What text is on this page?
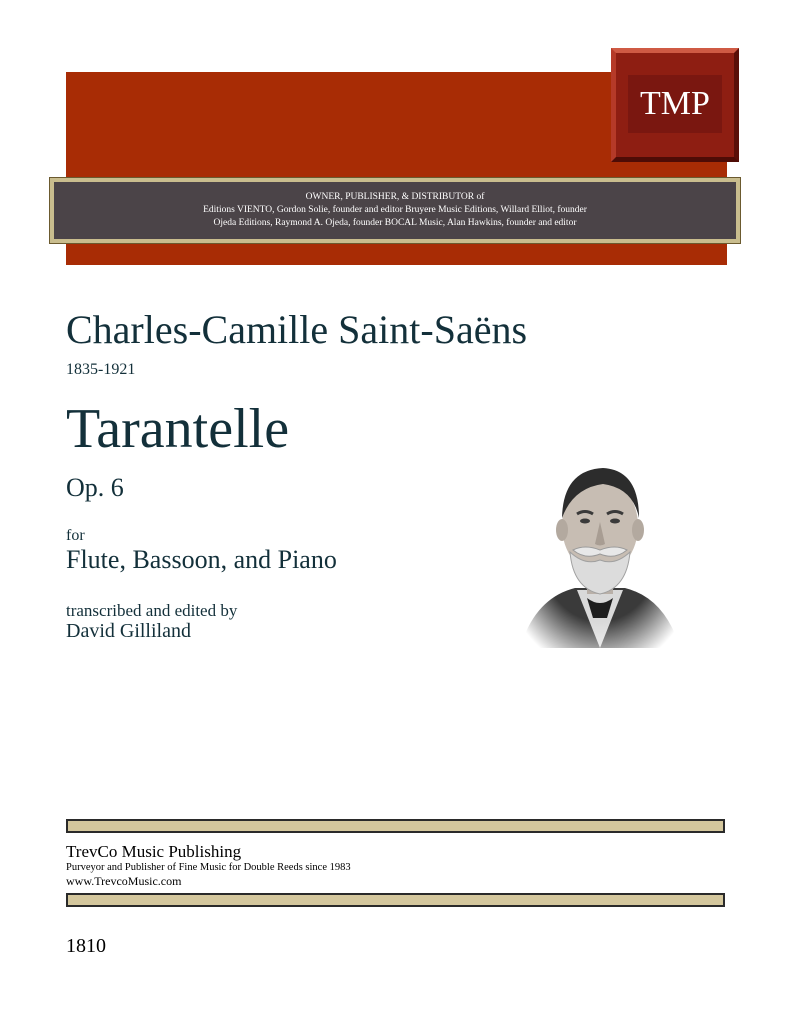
TMP
OWNER, PUBLISHER, & DISTRIBUTOR of
Editions VIENTO, Gordon Solie, founder and editor Bruyere Music Editions, Willard Elliot, founder
Ojeda Editions, Raymond A. Ojeda, founder BOCAL Music, Alan Hawkins, founder and editor
Charles-Camille Saint-Saëns
1835-1921
Tarantelle
Op. 6
for
Flute, Bassoon, and Piano
transcribed and edited by
David Gilliland
TrevCo Music Publishing
Purveyor and Publisher of Fine Music for Double Reeds since 1983
www.TrevcoMusic.com
1810
